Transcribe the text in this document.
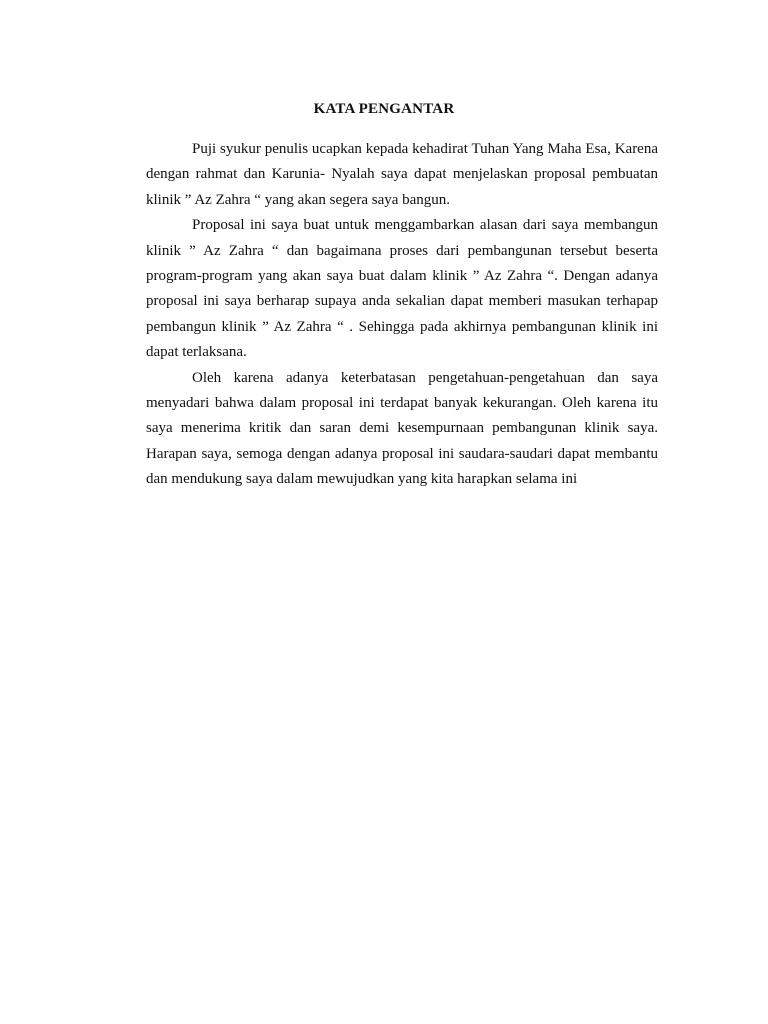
KATA PENGANTAR

Puji syukur penulis ucapkan kepada kehadirat Tuhan Yang Maha Esa, Karena dengan rahmat dan Karunia- Nyalah saya dapat menjelaskan proposal pembuatan klinik ” Az Zahra “ yang akan segera saya bangun.

Proposal ini saya buat untuk menggambarkan alasan dari saya membangun klinik ” Az Zahra “ dan bagaimana proses dari pembangunan tersebut beserta program-program yang akan saya buat dalam klinik ” Az Zahra “. Dengan adanya proposal ini saya berharap supaya anda sekalian dapat memberi masukan terhapap pembangun klinik ” Az Zahra “ . Sehingga pada akhirnya pembangunan klinik ini dapat terlaksana.

Oleh karena adanya keterbatasan pengetahuan-pengetahuan dan saya menyadari bahwa dalam proposal ini terdapat banyak kekurangan. Oleh karena itu saya menerima kritik dan saran demi kesempurnaan pembangunan klinik saya. Harapan saya, semoga dengan adanya proposal ini saudara-saudari dapat membantu dan mendukung saya dalam mewujudkan yang kita harapkan selama ini
